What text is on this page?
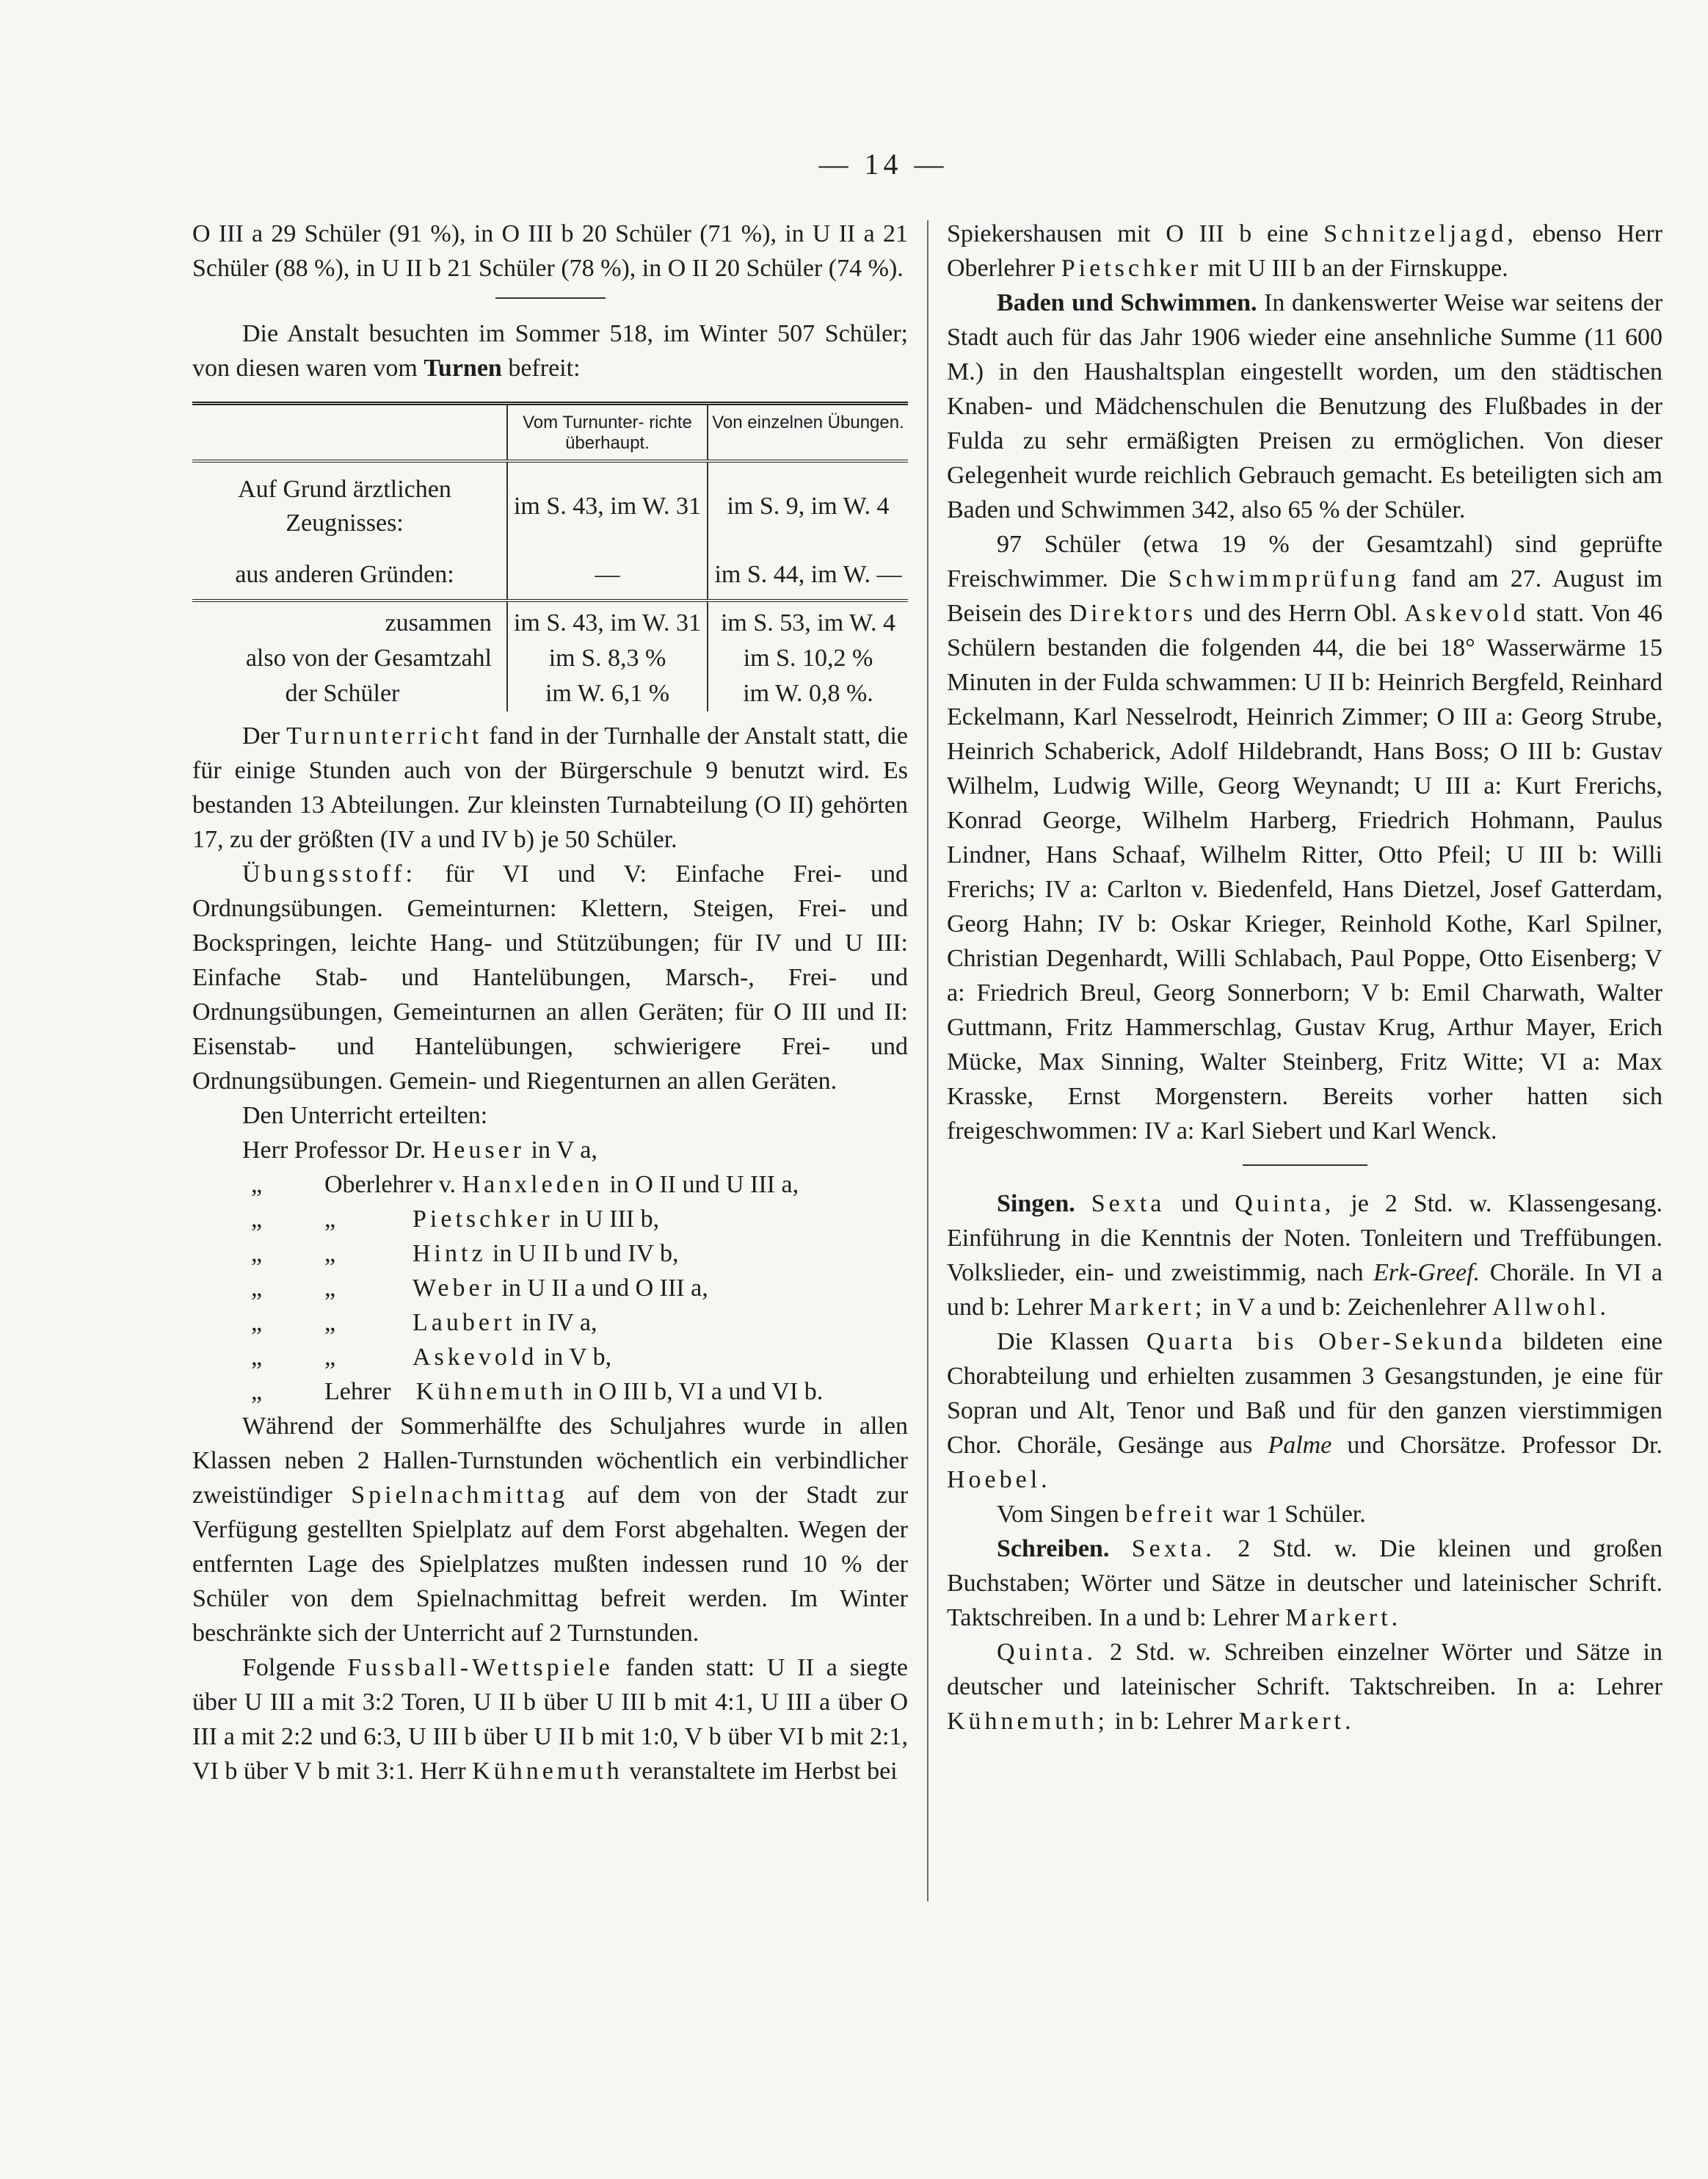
— 14 —

O III a 29 Schüler (91 %), in O III b 20 Schüler (71 %), in U II a 21 Schüler (88 %), in U II b 21 Schüler (78 %), in O II 20 Schüler (74 %).

Die Anstalt besuchten im Sommer 518, im Winter 507 Schüler; von diesen waren vom Turnen befreit:

	Vom Turnunter- richte überhaupt.	Von einzelnen Übungen.
Auf Grund ärztlichen Zeugnisses:	im S. 43, im W. 31	im S. 9, im W. 4
aus anderen Gründen:	—	im S. 44, im W. —
zusammen	im S. 43, im W. 31	im S. 53, im W. 4
also von der Gesamtzahl	im S. 8,3 %	im S. 10,2 %
der Schüler	im W. 6,1 %	im W. 0,8 %.

Der Turnunterricht fand in der Turnhalle der Anstalt statt, die für einige Stunden auch von der Bürgerschule 9 benutzt wird. Es bestanden 13 Abteilungen. Zur kleinsten Turnabteilung (O II) gehörten 17, zu der größten (IV a und IV b) je 50 Schüler.

Übungsstoff: für VI und V: Einfache Frei- und Ordnungsübungen. Gemeinturnen: Klettern, Steigen, Frei- und Bockspringen, leichte Hang- und Stützübungen; für IV und U III: Einfache Stab- und Hantelübungen, Marsch-, Frei- und Ordnungsübungen, Gemeinturnen an allen Geräten; für O III und II: Eisenstab- und Hantelübungen, schwierigere Frei- und Ordnungsübungen. Gemein- und Riegenturnen an allen Geräten.

Den Unterricht erteilten:

Herr Professor Dr.
Heuser
in V a,
„	Oberlehrer v. Hanxleden in O II und U III a,
„	„	Pietschker in U III b,
„	„	Hintz in U II b und IV b,
„	„	Weber in U II a und O III a,
„	„	Laubert in IV a,
„	„	Askevold in V b,
„	Lehrer Kühnemuth in O III b, VI a und VI b.

Während der Sommerhälfte des Schuljahres wurde in allen Klassen neben 2 Hallen-Turnstunden wöchentlich ein verbindlicher zweistündiger Spielnachmittag auf dem von der Stadt zur Verfügung gestellten Spielplatz auf dem Forst abgehalten. Wegen der entfernten Lage des Spielplatzes mußten indessen rund 10 % der Schüler von dem Spielnachmittag befreit werden. Im Winter beschränkte sich der Unterricht auf 2 Turnstunden.

Folgende Fussball-Wettspiele fanden statt: U II a siegte über U III a mit 3:2 Toren, U II b über U III b mit 4:1, U III a über O III a mit 2:2 und 6:3, U III b über U II b mit 1:0, V b über VI b mit 2:1, VI b über V b mit 3:1. Herr Kühnemuth veranstaltete im Herbst bei

Spiekershausen mit O III b eine Schnitzeljagd, ebenso Herr Oberlehrer Pietschker mit U III b an der Firnskuppe.

Baden und Schwimmen. In dankenswerter Weise war seitens der Stadt auch für das Jahr 1906 wieder eine ansehnliche Summe (11 600 M.) in den Haushaltsplan eingestellt worden, um den städtischen Knaben- und Mädchenschulen die Benutzung des Flußbades in der Fulda zu sehr ermäßigten Preisen zu ermöglichen. Von dieser Gelegenheit wurde reichlich Gebrauch gemacht. Es beteiligten sich am Baden und Schwimmen 342, also 65 % der Schüler.

97 Schüler (etwa 19 % der Gesamtzahl) sind geprüfte Freischwimmer. Die Schwimmprüfung fand am 27. August im Beisein des Direktors und des Herrn Obl. Askevold statt. Von 46 Schülern bestanden die folgenden 44, die bei 18° Wasserwärme 15 Minuten in der Fulda schwammen: U II b: Heinrich Bergfeld, Reinhard Eckelmann, Karl Nesselrodt, Heinrich Zimmer; O III a: Georg Strube, Heinrich Schaberick, Adolf Hildebrandt, Hans Boss; O III b: Gustav Wilhelm, Ludwig Wille, Georg Weynandt; U III a: Kurt Frerichs, Konrad George, Wilhelm Harberg, Friedrich Hohmann, Paulus Lindner, Hans Schaaf, Wilhelm Ritter, Otto Pfeil; U III b: Willi Frerichs; IV a: Carlton v. Biedenfeld, Hans Dietzel, Josef Gatterdam, Georg Hahn; IV b: Oskar Krieger, Reinhold Kothe, Karl Spilner, Christian Degenhardt, Willi Schlabach, Paul Poppe, Otto Eisenberg; V a: Friedrich Breul, Georg Sonnerborn; V b: Emil Charwath, Walter Guttmann, Fritz Hammerschlag, Gustav Krug, Arthur Mayer, Erich Mücke, Max Sinning, Walter Steinberg, Fritz Witte; VI a: Max Krasske, Ernst Morgenstern. Bereits vorher hatten sich freigeschwommen: IV a: Karl Siebert und Karl Wenck.

Singen. Sexta und Quinta, je 2 Std. w. Klassengesang. Einführung in die Kenntnis der Noten. Tonleitern und Treffübungen. Volkslieder, ein- und zweistimmig, nach Erk-Greef. Choräle. In VI a und b: Lehrer Markert; in V a und b: Zeichenlehrer Allwohl.

Die Klassen Quarta bis Ober-Sekunda bildeten eine Chorabteilung und erhielten zusammen 3 Gesangstunden, je eine für Sopran und Alt, Tenor und Baß und für den ganzen vierstimmigen Chor. Choräle, Gesänge aus Palme und Chorsätze. Professor Dr. Hoebel.

Vom Singen befreit war 1 Schüler.

Schreiben. Sexta. 2 Std. w. Die kleinen und großen Buchstaben; Wörter und Sätze in deutscher und lateinischer Schrift. Taktschreiben. In a und b: Lehrer Markert.

Quinta. 2 Std. w. Schreiben einzelner Wörter und Sätze in deutscher und lateinischer Schrift. Taktschreiben. In a: Lehrer Kühnemuth; in b: Lehrer Markert.
